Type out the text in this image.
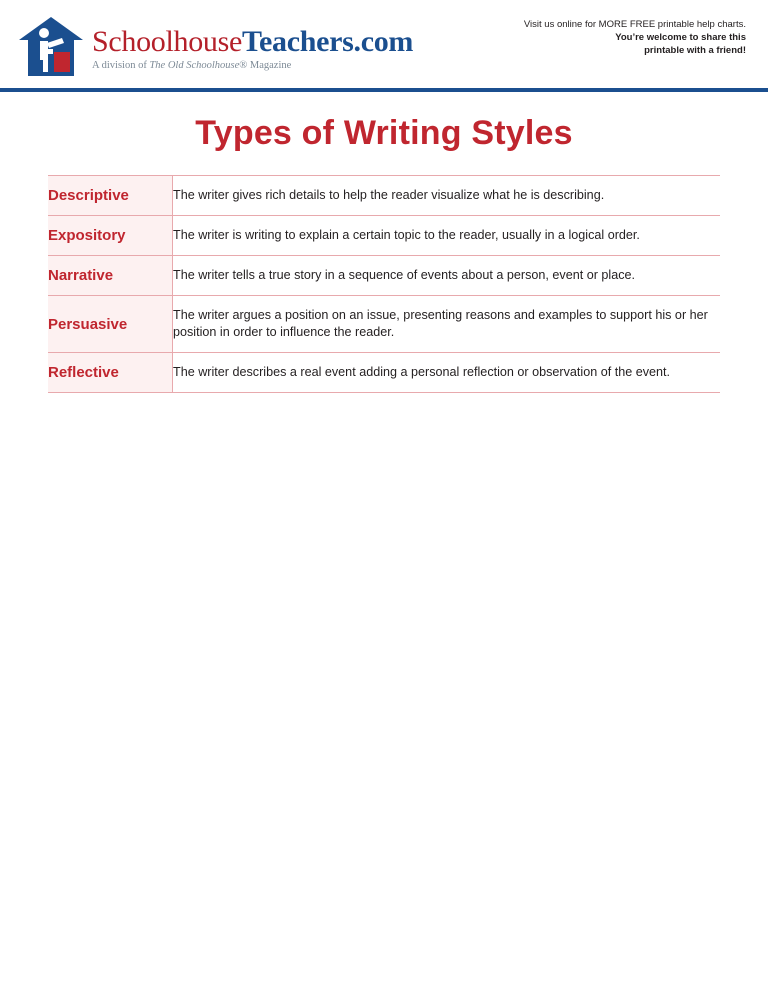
SchoolhouseTeachers.com
A division of The Old Schoolhouse® Magazine
Visit us online for MORE FREE printable help charts.
You’re welcome to share this
printable with a friend!
Types of Writing Styles
Descriptive	The writer gives rich details to help the reader visualize what he is describing.
Expository	The writer is writing to explain a certain topic to the reader, usually in a logical order.
Narrative	The writer tells a true story in a sequence of events about a person, event or place.
Persuasive	The writer argues a position on an issue, presenting reasons and examples to support his or her position in order to influence the reader.
Reflective	The writer describes a real event adding a personal reflection or observation of the event.
